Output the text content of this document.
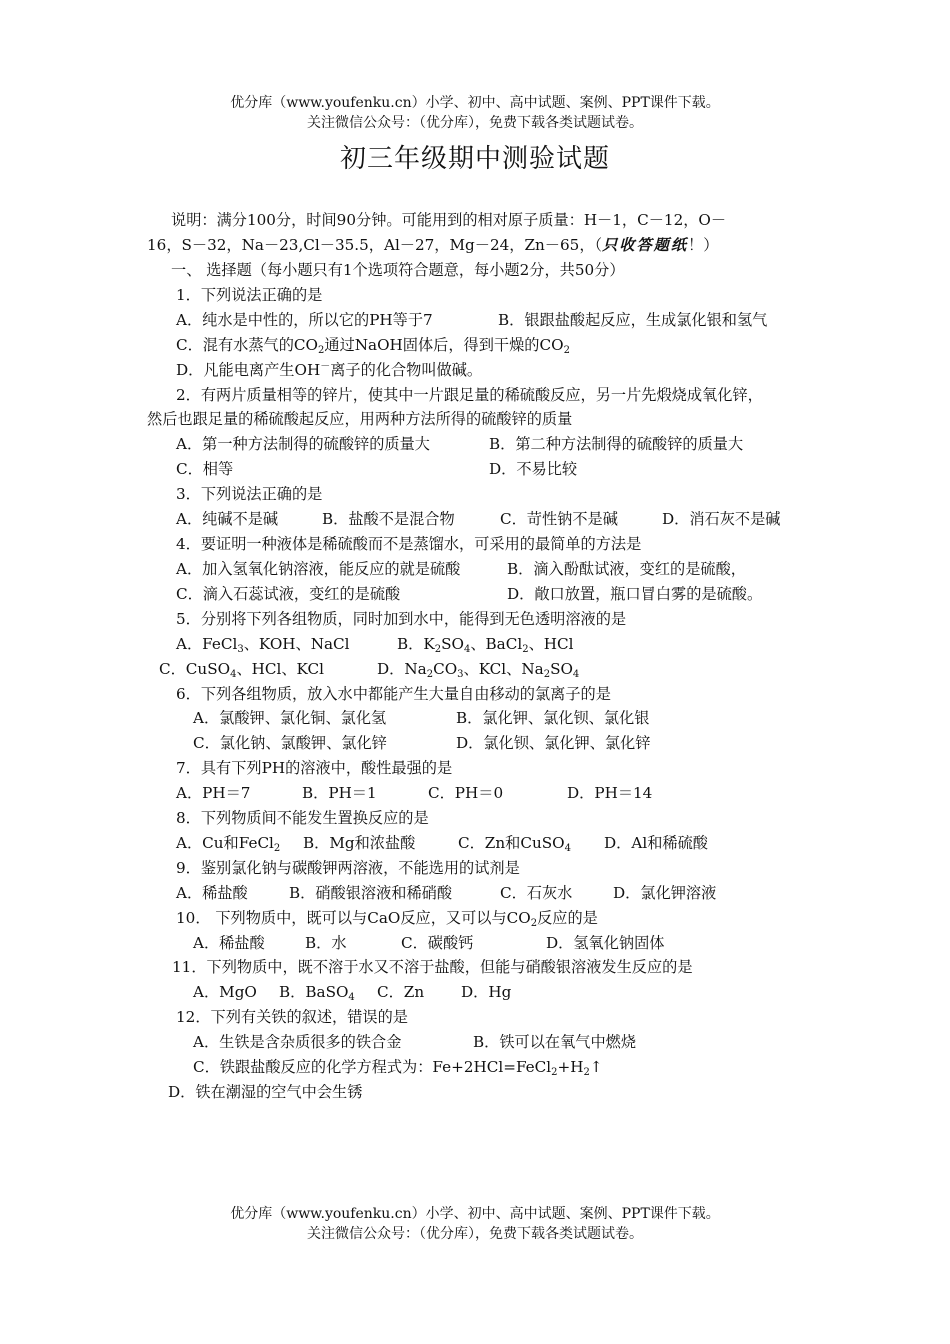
优分库（www.youfenku.cn）小学、初中、高中试题、案例、PPT课件下载。
关注微信公众号：（优分库），免费下载各类试题试卷。
初三年级期中测验试题
说明：满分100分，时间90分钟。可能用到的相对原子质量：H－1，C－12，O－
16，S－32，Na－23,Cl－35.5，Al－27，Mg－24，Zn－65，（只收答题纸！）
一、 选择题（每小题只有1个选项符合题意，每小题2分，共50分）
1．下列说法正确的是
A．纯水是中性的，所以它的PH等于7	B．银跟盐酸起反应，生成氯化银和氢气
C．混有水蒸气的$CO_2$通过NaOH固体后，得到干燥的$CO_2$
D．凡能电离产生OH－离子的化合物叫做碱。
2．有两片质量相等的锌片，使其中一片跟足量的稀硫酸反应，另一片先煅烧成氧化锌，
然后也跟足量的稀硫酸起反应，用两种方法所得的硫酸锌的质量
A．第一种方法制得的硫酸锌的质量大	B．第二种方法制得的硫酸锌的质量大
C．相等	D．不易比较
3．下列说法正确的是
A．纯碱不是碱	B．盐酸不是混合物	C．苛性钠不是碱	D．消石灰不是碱
4．要证明一种液体是稀硫酸而不是蒸馏水，可采用的最简单的方法是
A．加入氢氧化钠溶液，能反应的就是硫酸	B．滴入酚酞试液，变红的是硫酸，
C．滴入石蕊试液，变红的是硫酸	D．敞口放置，瓶口冒白雾的是硫酸。
5．分别将下列各组物质，同时加到水中，能得到无色透明溶液的是
A．FeCl$_3$、KOH、NaCl	B．$K_2SO_4$、BaCl$_2$、HCl
C．CuSO$_4$、HCl、KCl	D．$Na_2CO_3$、KCl、$Na_2SO_4$
6．下列各组物质，放入水中都能产生大量自由移动的氯离子的是
A．氯酸钾、氯化铜、氯化氢	B．氯化钾、氯化钡、氯化银
C．氯化钠、氯酸钾、氯化锌	D．氯化钡、氯化钾、氯化锌
7．具有下列PH的溶液中，酸性最强的是
A．PH＝7	B．PH＝1	C．PH＝0	D．PH＝14
8．下列物质间不能发生置换反应的是
A．Cu和FeCl$_2$ B．Mg和浓盐酸	C．Zn和CuSO$_4$ D．Al和稀硫酸
9．鉴别氯化钠与碳酸钾两溶液，不能选用的试剂是
A．稀盐酸	B．硝酸银溶液和稀硝酸	C．石灰水	D．氯化钾溶液
10． 下列物质中，既可以与CaO反应，又可以与$CO_2$反应的是
A．稀盐酸	B．水	C．碳酸钙	D．氢氧化钠固体
11．下列物质中，既不溶于水又不溶于盐酸，但能与硝酸银溶液发生反应的是
A．MgO B．BaSO$_4$ C．Zn D．Hg
12．下列有关铁的叙述，错误的是
A．生铁是含杂质很多的铁合金	B．铁可以在氧气中燃烧
C．铁跟盐酸反应的化学方程式为：$Fe+2HCl=FeCl_2+H_2↑$
D．铁在潮湿的空气中会生锈
优分库（www.youfenku.cn）小学、初中、高中试题、案例、PPT课件下载。
关注微信公众号：（优分库），免费下载各类试题试卷。
